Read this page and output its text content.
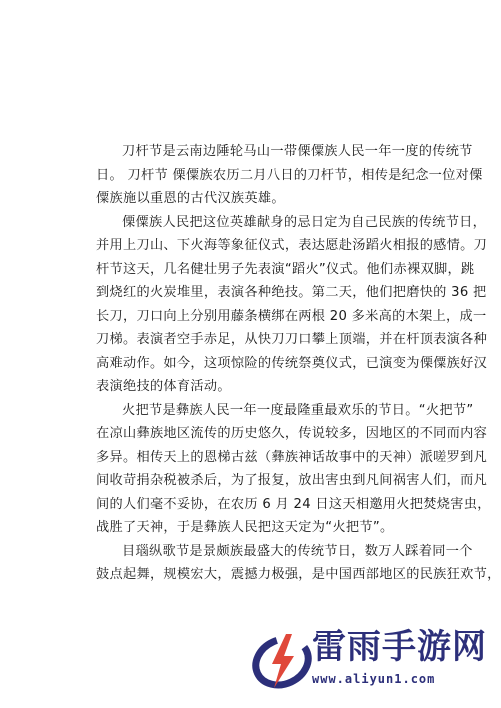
刀杆节是云南边陲轮马山一带傈僳族人民一年一度的传统节
日。 刀杆节 傈僳族农历二月八日的刀杆节，相传是纪念一位对傈
僳族施以重恩的古代汉族英雄。
傈僳族人民把这位英雄献身的忌日定为自己民族的传统节日，
并用上刀山、下火海等象征仪式，表达愿赴汤蹈火相报的感情。刀
杆节这天，几名健壮男子先表演“蹈火”仪式。他们赤裸双脚，跳
到烧红的火炭堆里，表演各种绝技。第二天，他们把磨快的 36 把
长刀，刀口向上分别用藤条横绑在两根 20 多米高的木架上，成一
刀梯。表演者空手赤足，从快刀刀口攀上顶端，并在杆顶表演各种
高难动作。如今，这项惊险的传统祭奠仪式，已演变为傈僳族好汉
表演绝技的体育活动。
火把节是彝族人民一年一度最隆重最欢乐的节日。“火把节”
在凉山彝族地区流传的历史悠久，传说较多，因地区的不同而内容
多异。相传天上的恩梯古兹（彝族神话故事中的天神）派嗟罗到凡
间收苛捐杂税被杀后，为了报复，放出害虫到凡间祸害人们，而凡
间的人们毫不妥协，在农历 6 月 24 日这天相邀用火把焚烧害虫，
战胜了天神，于是彝族人民把这天定为“火把节”。
目瑙纵歌节是景颇族最盛大的传统节日，数万人踩着同一个
鼓点起舞，规模宏大，震撼力极强，是中国西部地区的民族狂欢节，
雷雨手游网
www.aliyun1.com
